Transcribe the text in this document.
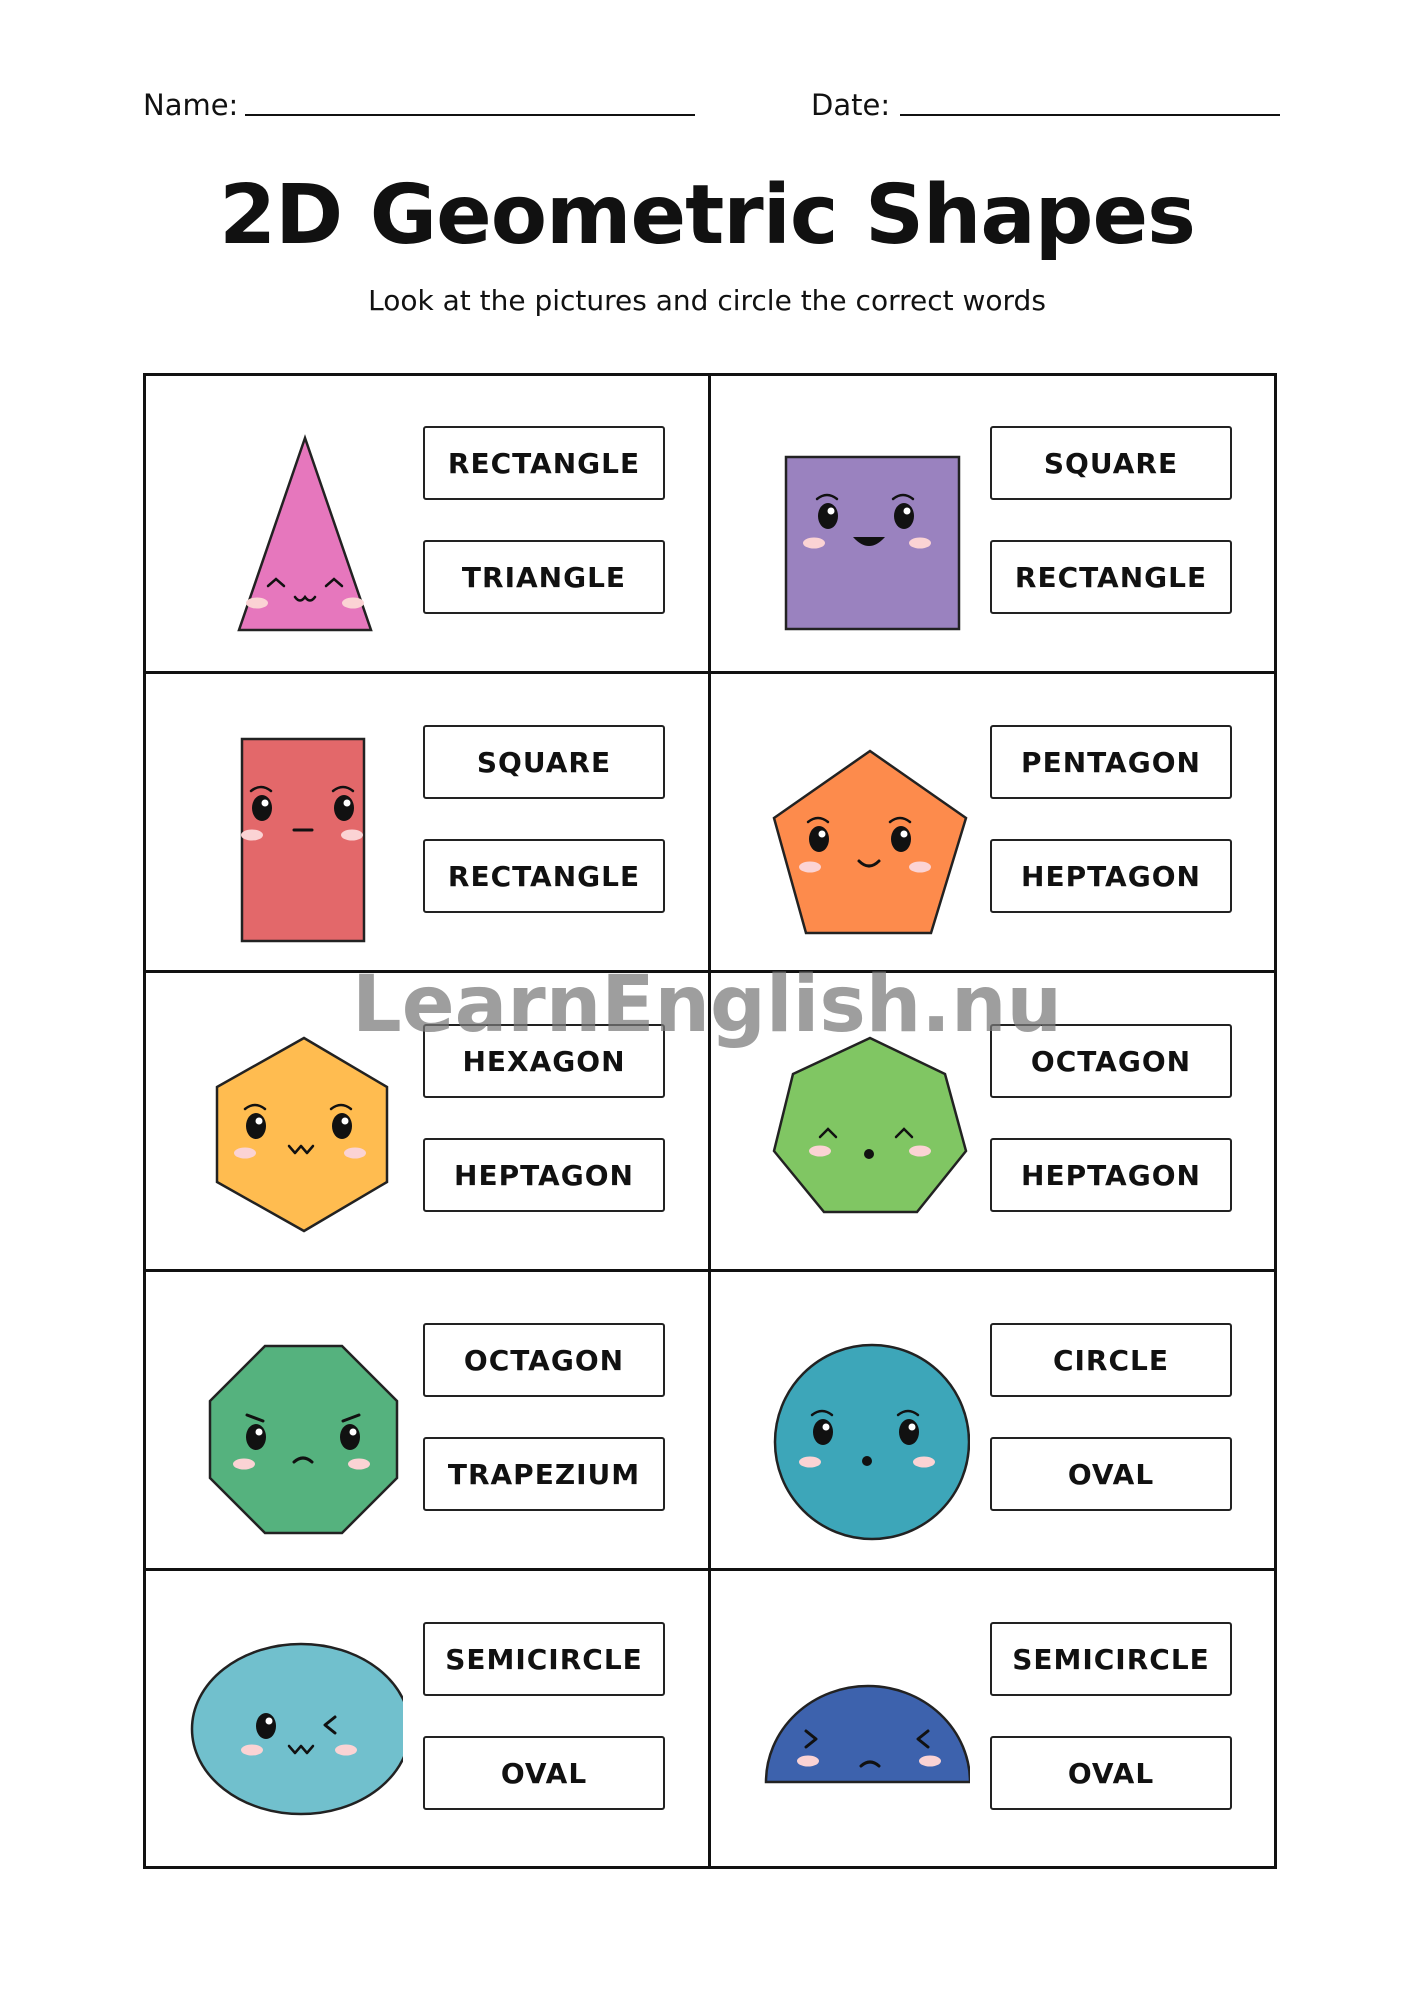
Name:	Date:
2D Geometric Shapes
Look at the pictures and circle the correct words
RECTANGLE
TRIANGLE
SQUARE
RECTANGLE
SQUARE
RECTANGLE
PENTAGON
HEPTAGON
HEXAGON
HEPTAGON
OCTAGON
HEPTAGON
OCTAGON
TRAPEZIUM
CIRCLE
OVAL
SEMICIRCLE
OVAL
SEMICIRCLE
OVAL
LearnEnglish.nu
